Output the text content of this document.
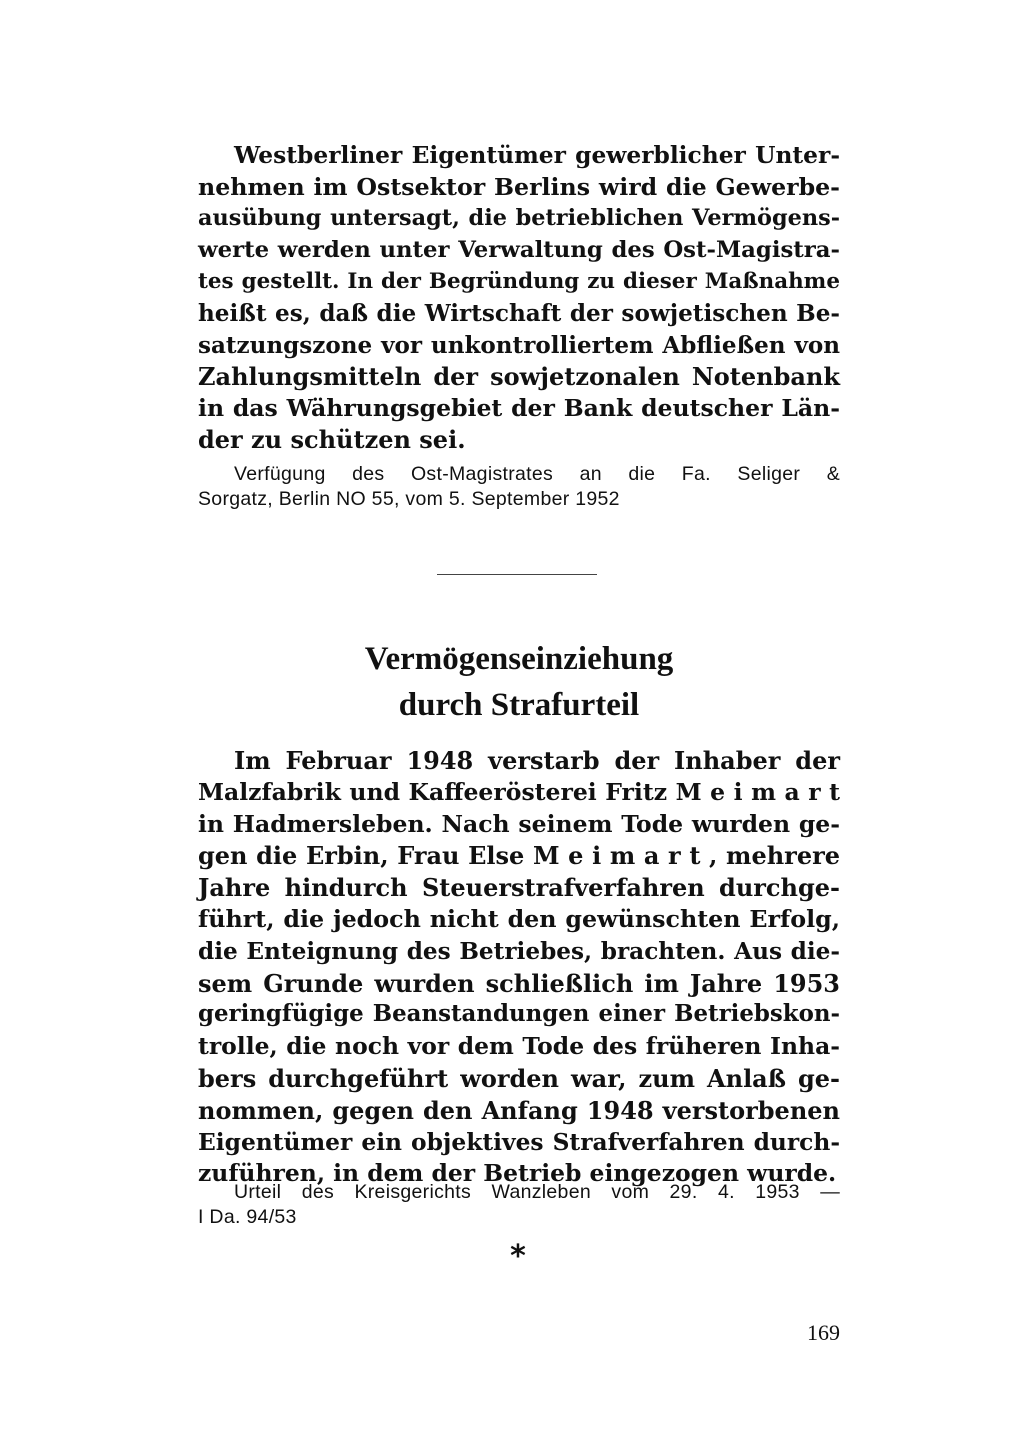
Westberliner Eigentümer gewerblicher Unter-
nehmen im Ostsektor Berlins wird die Gewerbe-
ausübung untersagt, die betrieblichen Vermögens-
werte werden unter Verwaltung des Ost-Magistra-
tes gestellt. In der Begründung zu dieser Maßnahme
heißt es, daß die Wirtschaft der sowjetischen Be-
satzungszone vor unkontrolliertem Abfließen von
Zahlungsmitteln der sowjetzonalen Notenbank
in das Währungsgebiet der Bank deutscher Län-
der zu schützen sei.
Verfügung des Ost-Magistrates an die Fa. Seliger &
Sorgatz, Berlin NO 55, vom 5. September 1952
Vermögenseinziehung
durch Strafurteil
Im Februar 1948 verstarb der Inhaber der
Malzfabrik und Kaffeerösterei Fritz M e i m a r t
in Hadmersleben. Nach seinem Tode wurden ge-
gen die Erbin, Frau Else M e i m a r t , mehrere
Jahre hindurch Steuerstrafverfahren durchge-
führt, die jedoch nicht den gewünschten Erfolg,
die Enteignung des Betriebes, brachten. Aus die-
sem Grunde wurden schließlich im Jahre 1953
geringfügige Beanstandungen einer Betriebskon-
trolle, die noch vor dem Tode des früheren Inha-
bers durchgeführt worden war, zum Anlaß ge-
nommen, gegen den Anfang 1948 verstorbenen
Eigentümer ein objektives Strafverfahren durch-
zuführen, in dem der Betrieb eingezogen wurde.
Urteil des Kreisgerichts Wanzleben vom 29. 4. 1953 —
I Da. 94/53
*
169
